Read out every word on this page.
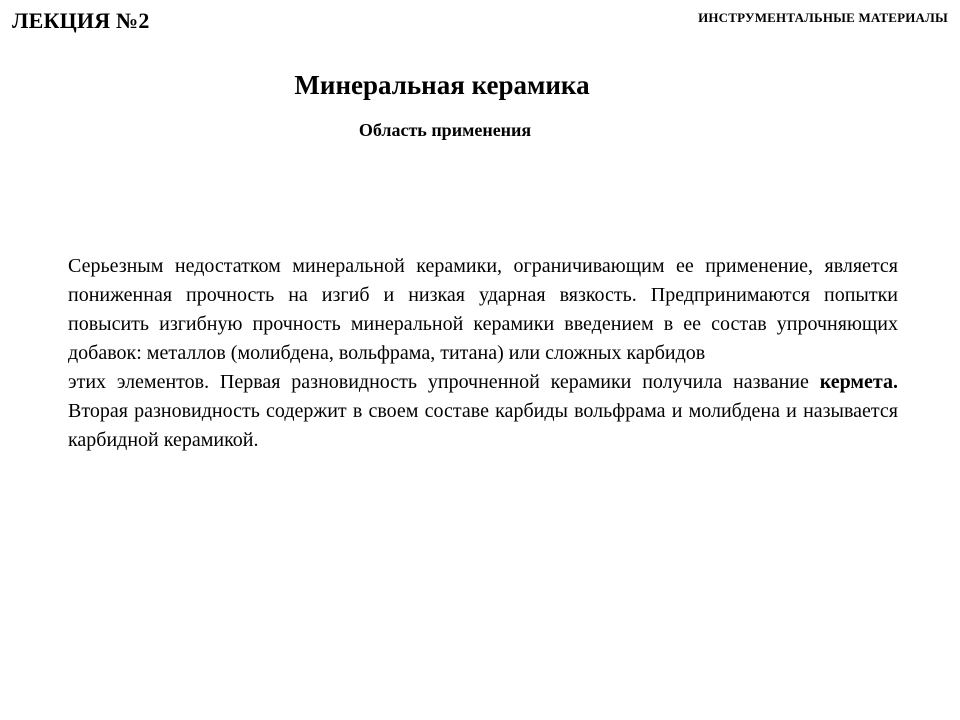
ЛЕКЦИЯ №2	ИНСТРУМЕНТАЛЬНЫЕ МАТЕРИАЛЫ
Минеральная керамика
Область применения

Серьезным недостатком минеральной керамики, ограничивающим ее применение, является пониженная прочность на изгиб и низкая ударная вязкость. Предпринимаются попытки повысить изгибную прочность минеральной керамики введением в ее состав упрочняющих добавок: металлов (молибдена, вольфрама, титана) или сложных карбидов

этих элементов. Первая разновидность упрочненной керамики получила название кермета. Вторая разновидность содержит в своем составе карбиды вольфрама и молибдена и называется карбидной керамикой.
